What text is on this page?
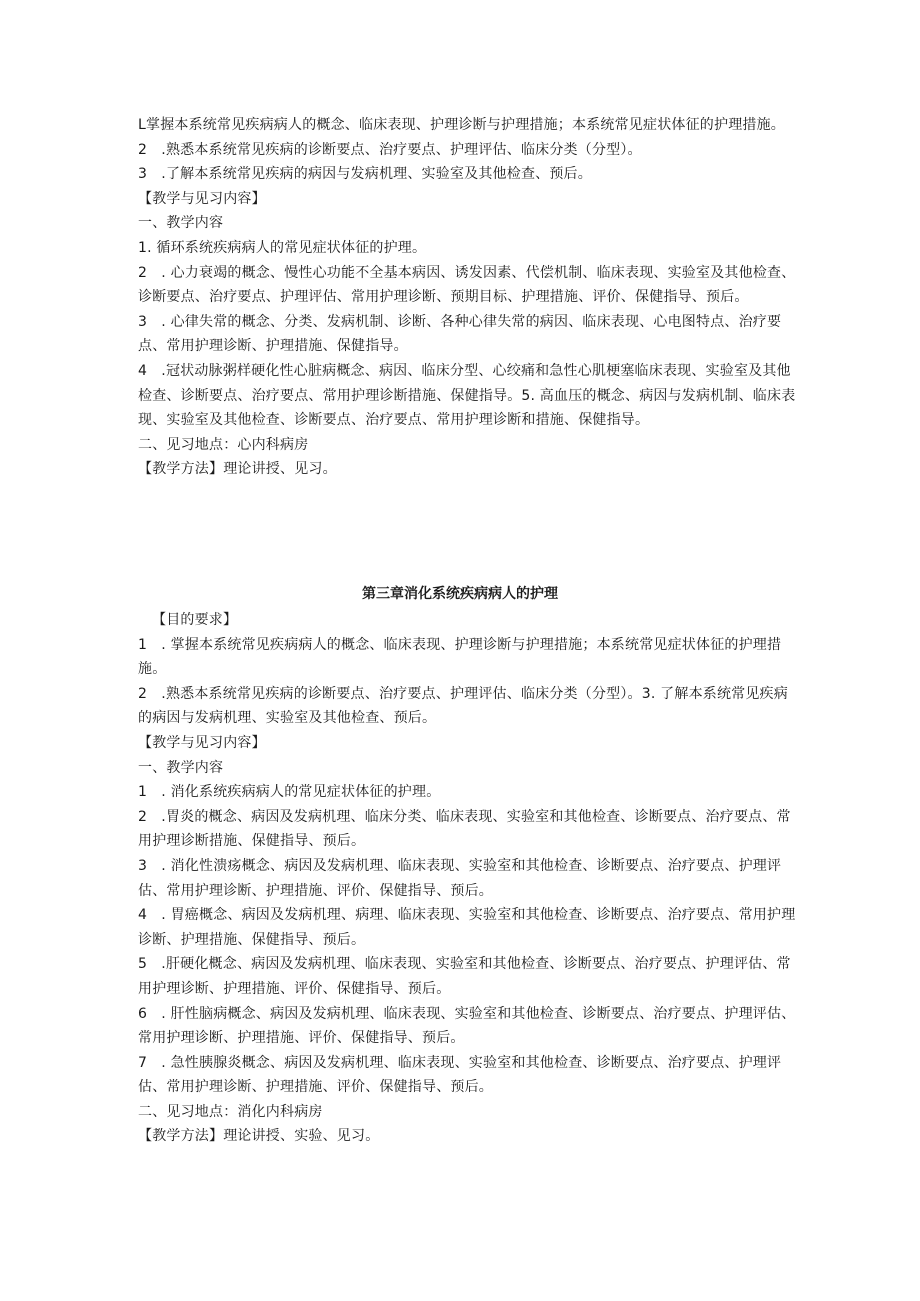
L掌握本系统常见疾病病人的概念、临床表现、护理诊断与护理措施；本系统常见症状体征的护理措施。

2　.熟悉本系统常见疾病的诊断要点、治疗要点、护理评估、临床分类（分型）。

3　.了解本系统常见疾病的病因与发病机理、实验室及其他检查、预后。

【教学与见习内容】

一、教学内容

1. 循环系统疾病病人的常见症状体征的护理。

2　. 心力衰竭的概念、慢性心功能不全基本病因、诱发因素、代偿机制、临床表现、实验室及其他检查、诊断要点、治疗要点、护理评估、常用护理诊断、预期目标、护理措施、评价、保健指导、预后。

3　. 心律失常的概念、分类、发病机制、诊断、各种心律失常的病因、临床表现、心电图特点、治疗要点、常用护理诊断、护理措施、保健指导。

4　.冠状动脉粥样硬化性心脏病概念、病因、临床分型、心绞痛和急性心肌梗塞临床表现、实验室及其他检查、诊断要点、治疗要点、常用护理诊断措施、保健指导。5. 高血压的概念、病因与发病机制、临床表现、实验室及其他检查、诊断要点、治疗要点、常用护理诊断和措施、保健指导。

二、见习地点：心内科病房

【教学方法】理论讲授、见习。

第三章消化系统疾病病人的护理

【目的要求】

1　. 掌握本系统常见疾病病人的概念、临床表现、护理诊断与护理措施；本系统常见症状体征的护理措施。

2　.熟悉本系统常见疾病的诊断要点、治疗要点、护理评估、临床分类（分型）。3. 了解本系统常见疾病的病因与发病机理、实验室及其他检查、预后。

【教学与见习内容】

一、教学内容

1　. 消化系统疾病病人的常见症状体征的护理。

2　.胃炎的概念、病因及发病机理、临床分类、临床表现、实验室和其他检查、诊断要点、治疗要点、常用护理诊断措施、保健指导、预后。

3　. 消化性溃疡概念、病因及发病机理、临床表现、实验室和其他检查、诊断要点、治疗要点、护理评估、常用护理诊断、护理措施、评价、保健指导、预后。

4　. 胃癌概念、病因及发病机理、病理、临床表现、实验室和其他检查、诊断要点、治疗要点、常用护理诊断、护理措施、保健指导、预后。

5　.肝硬化概念、病因及发病机理、临床表现、实验室和其他检查、诊断要点、治疗要点、护理评估、常用护理诊断、护理措施、评价、保健指导、预后。

6　. 肝性脑病概念、病因及发病机理、临床表现、实验室和其他检查、诊断要点、治疗要点、护理评估、常用护理诊断、护理措施、评价、保健指导、预后。

7　. 急性胰腺炎概念、病因及发病机理、临床表现、实验室和其他检查、诊断要点、治疗要点、护理评估、常用护理诊断、护理措施、评价、保健指导、预后。

二、见习地点：消化内科病房

【教学方法】理论讲授、实验、见习。
